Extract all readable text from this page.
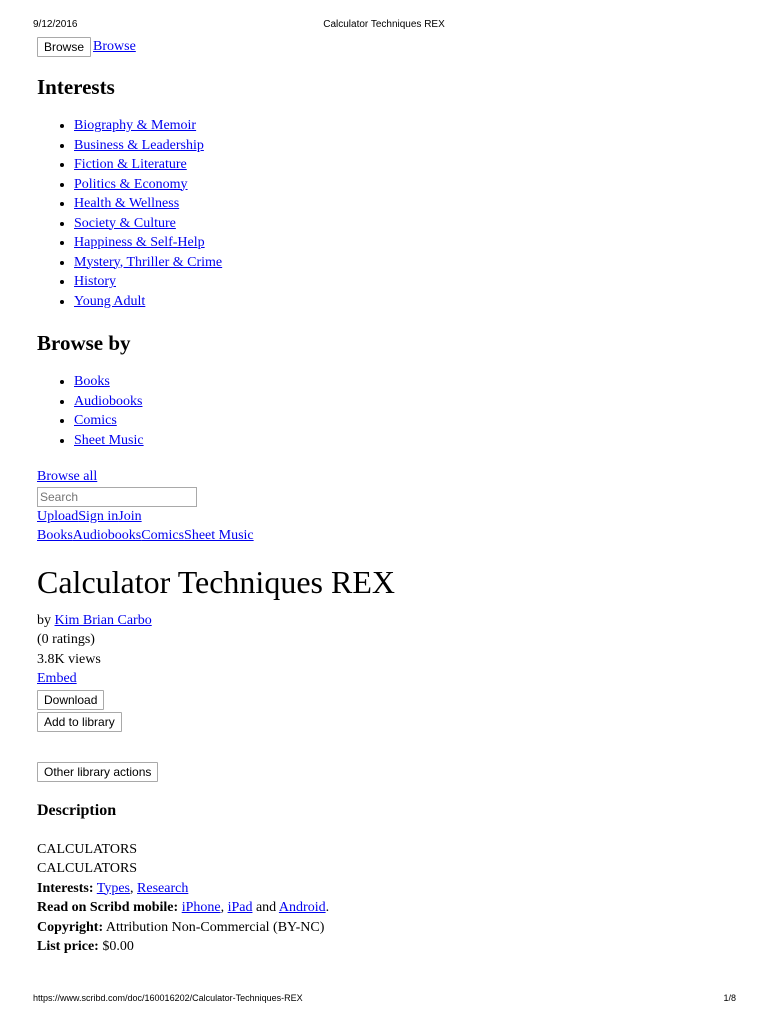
9/12/2016	Calculator Techniques REX
Browse Browse
Interests
• Biography & Memoir
• Business & Leadership
• Fiction & Literature
• Politics & Economy
• Health & Wellness
• Society & Culture
• Happiness & Self-Help
• Mystery, Thriller & Crime
• History
• Young Adult
Browse by
• Books
• Audiobooks
• Comics
• Sheet Music
Browse all
Search
UploadSign inJoin
BooksAudiobooksComicsSheet Music
Calculator Techniques REX
by Kim Brian Carbo
(0 ratings)
3.8K views
Embed
Download
Add to library
Other library actions
Description
CALCULATORS
CALCULATORS
Interests: Types, Research
Read on Scribd mobile: iPhone, iPad and Android.
Copyright: Attribution Non-Commercial (BY-NC)
List price: $0.00
https://www.scribd.com/doc/160016202/Calculator-Techniques-REX	1/8
